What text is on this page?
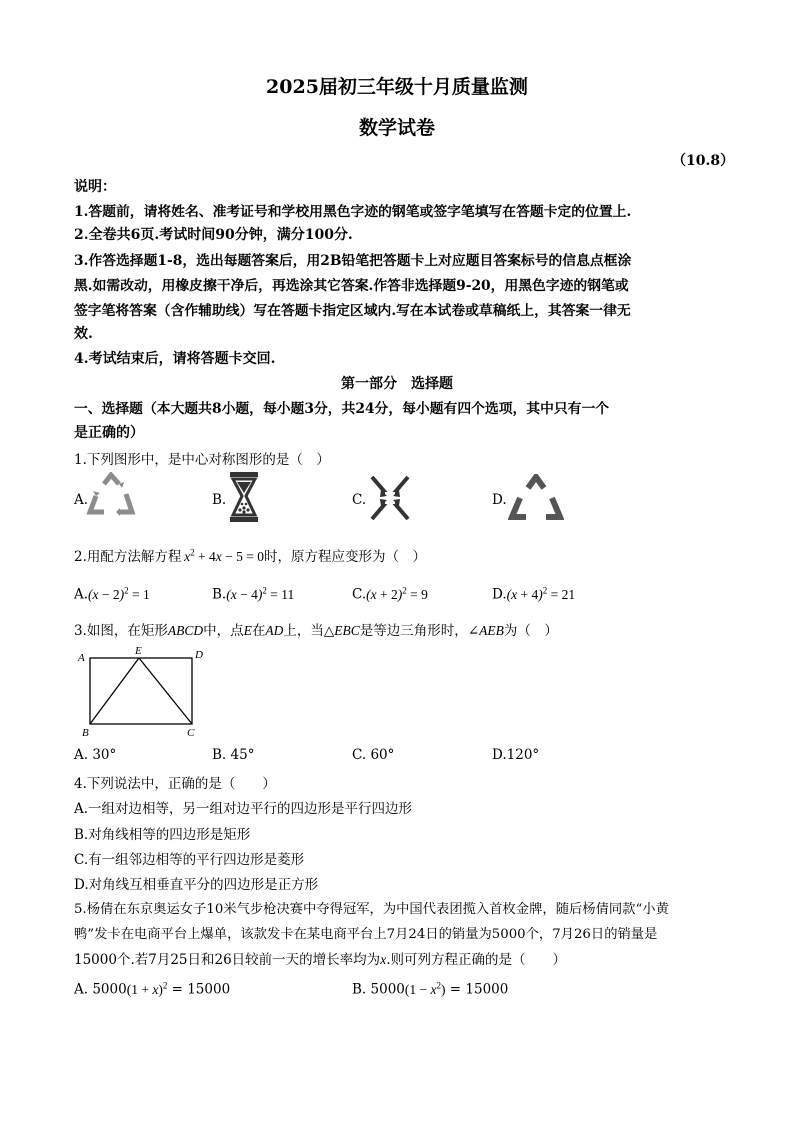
2025届初三年级十月质量监测
数学试卷
（10.8）
说明：
1.答题前，请将姓名、准考证号和学校用黑色字迹的钢笔或签字笔填写在答题卡定的位置上.
2.全卷共6页.考试时间90分钟，满分100分.
3.作答选择题1-8，选出每题答案后，用2B铅笔把答题卡上对应题目答案标号的信息点框涂
黑.如需改动，用橡皮擦干净后，再选涂其它答案.作答非选择题9-20，用黑色字迹的钢笔或
签字笔将答案（含作辅助线）写在答题卡指定区域内.写在本试卷或草稿纸上，其答案一律无
效.
4.考试结束后，请将答题卡交回.
第一部分　选择题
一、选择题（本大题共8小题，每小题3分，共24分，每小题有四个选项，其中只有一个
是正确的）
1.下列图形中，是中心对称图形的是（　）
A.	B.	C.	D.
2.用配方法解方程 $x^2 + 4x - 5 = 0$时，原方程应变形为（　）
$A.(x - 2)^2 = 1$	$B.(x - 4)^2 = 11$	$C.(x + 2)^2 = 9$	$D.(x + 4)^2 = 21$
3.如图，在矩形ABCD中，点E在AD上，当△EBC是等边三角形时，∠AEB为（　）
A
E	D
B	C
A. 30°	B. 45°	C. 60°	D.120°
4.下列说法中，正确的是（　　）
A.一组对边相等，另一组对边平行的四边形是平行四边形
B.对角线相等的四边形是矩形
C.有一组邻边相等的平行四边形是菱形
D.对角线互相垂直平分的四边形是正方形
5.杨倩在东京奥运女子10米气步枪决赛中夺得冠军，为中国代表团揽入首枚金牌，随后杨倩同款“小黄
鸭”发卡在电商平台上爆单，该款发卡在某电商平台上7月24日的销量为5000个，7月26日的销量是
15000个.若7月25日和26日较前一天的增长率均为x.则可列方程正确的是（　　）
A. $5000(1 + x)^2 = 15000$	B. $5000(1 - x^2) = 15000$
